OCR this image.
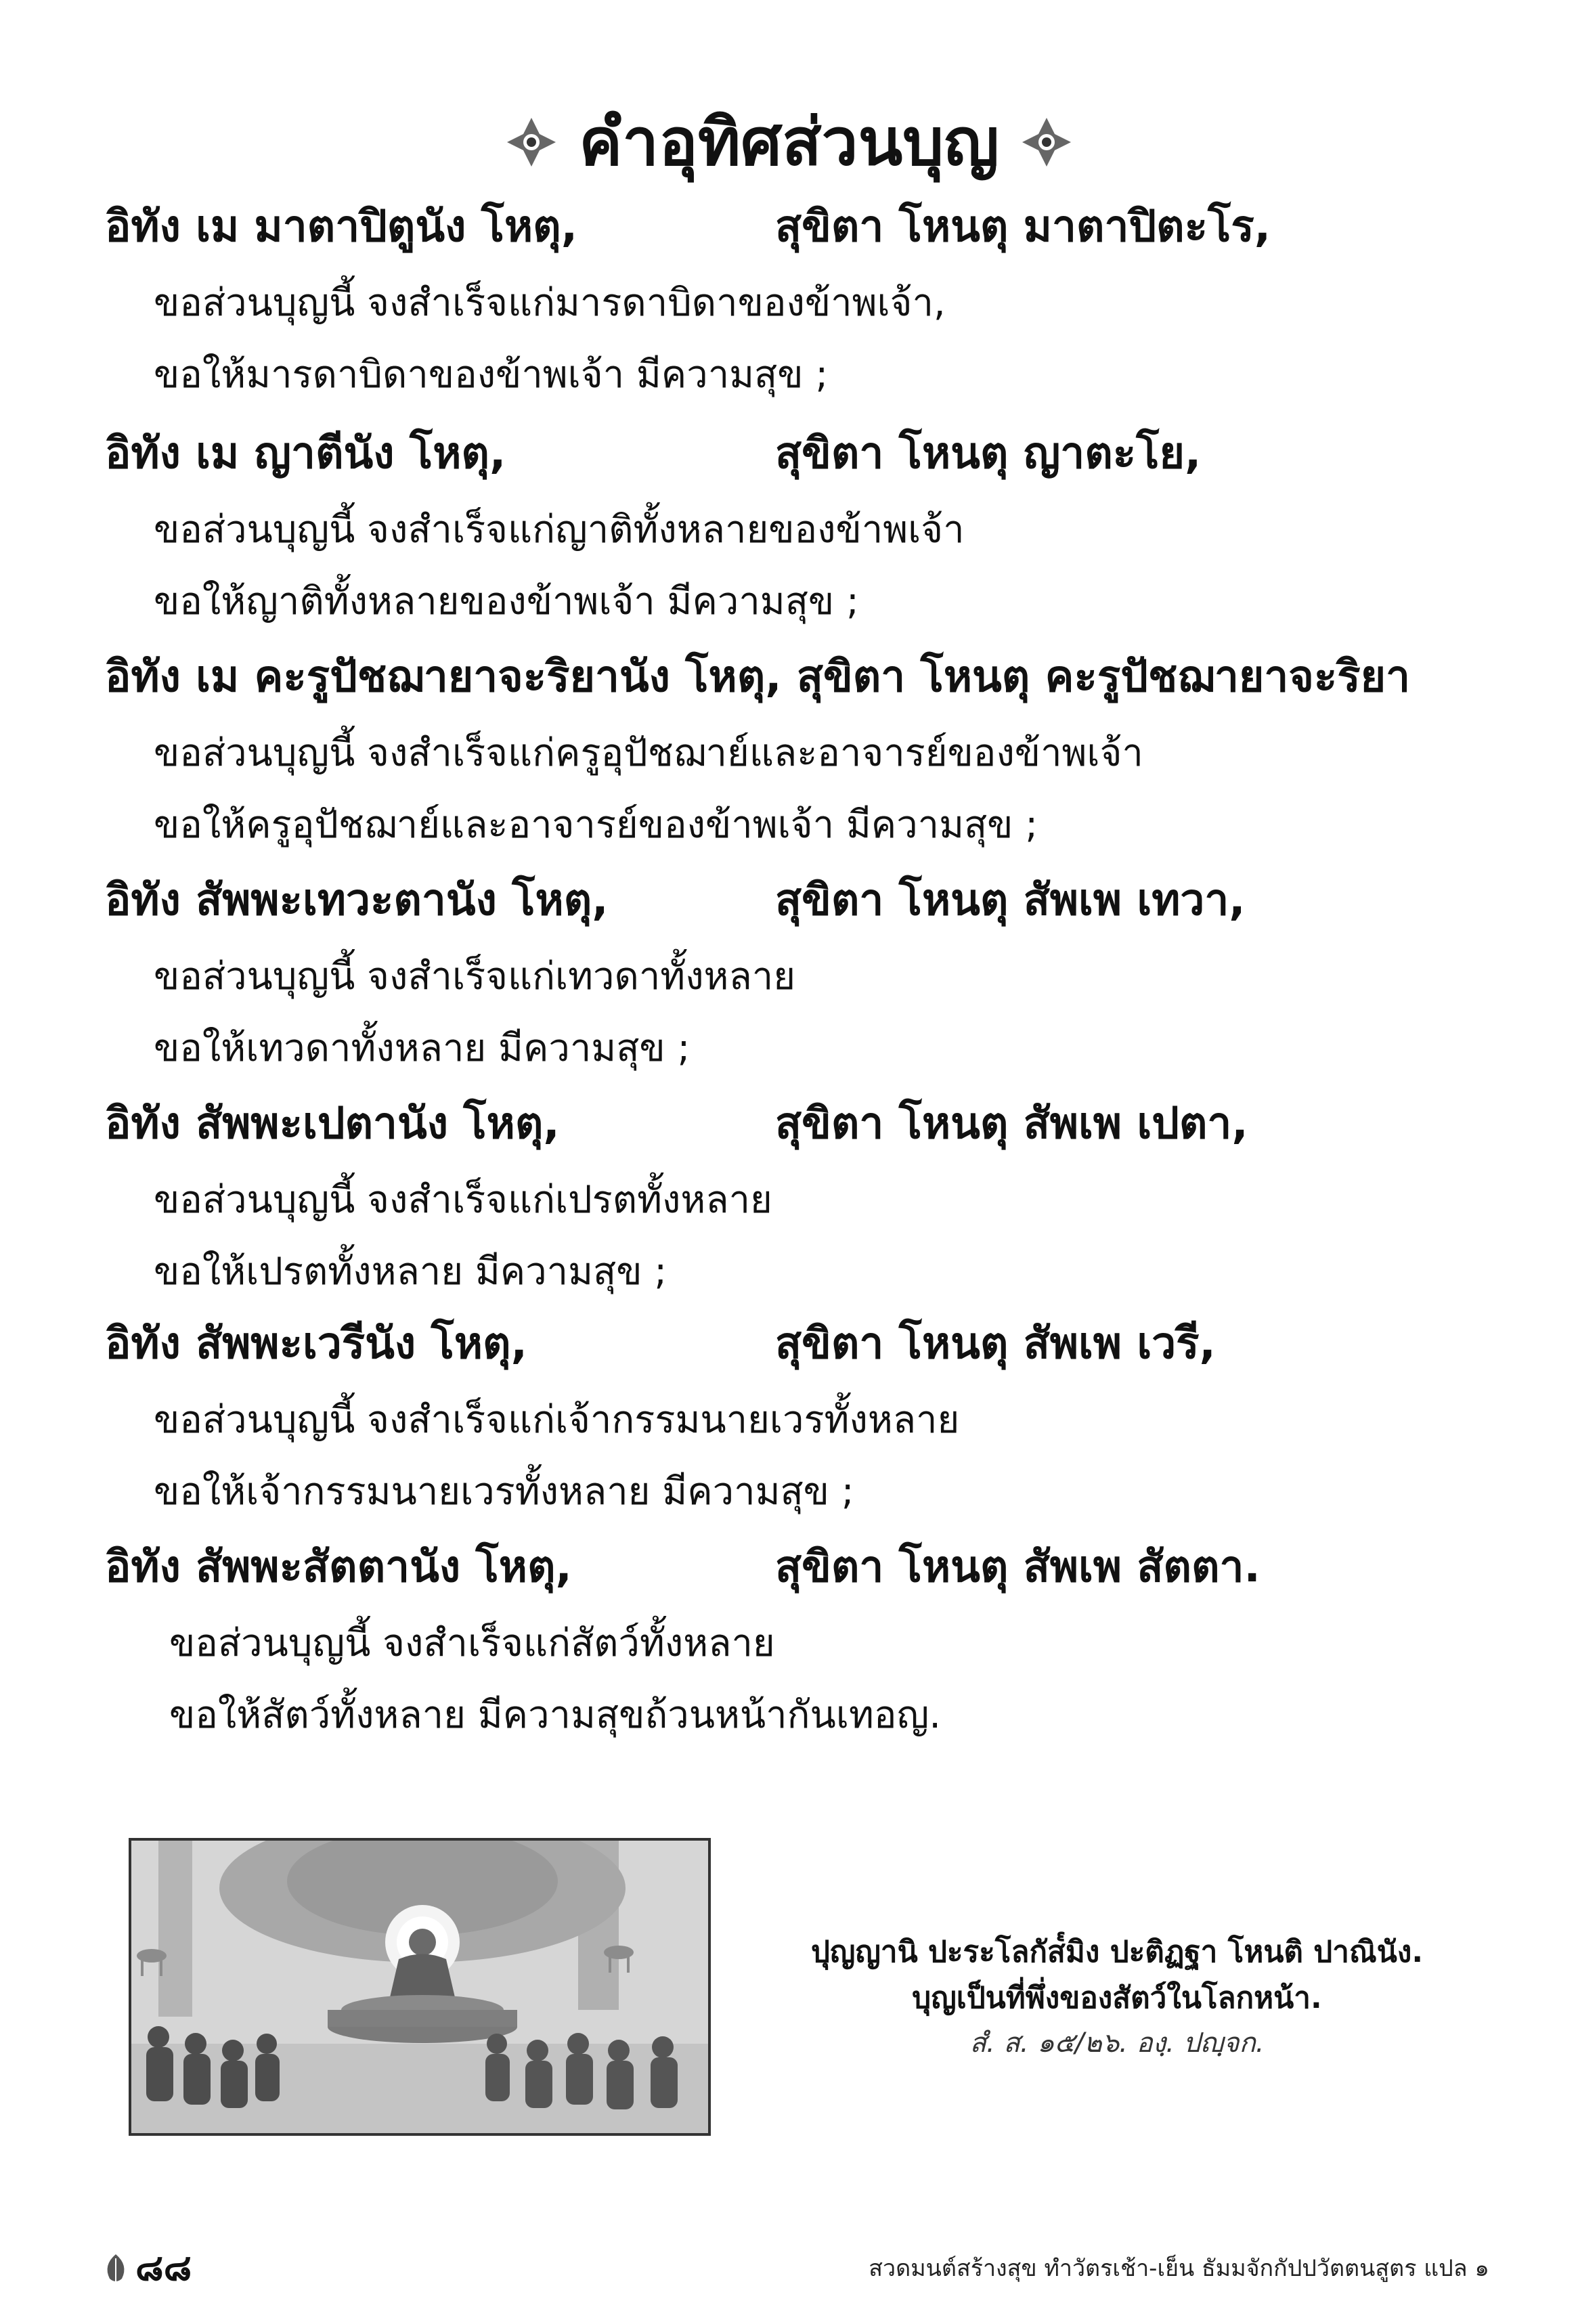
คำอุทิศส่วนบุญ
อิทัง เม มาตาปิตูนัง โหตุ,	สุขิตา โหนตุ มาตาปิตะโร,
ขอส่วนบุญนี้ จงสำเร็จแก่มารดาบิดาของข้าพเจ้า,
ขอให้มารดาบิดาของข้าพเจ้า มีความสุข ;
อิทัง เม ญาตีนัง โหตุ,	สุขิตา โหนตุ ญาตะโย,
ขอส่วนบุญนี้ จงสำเร็จแก่ญาติทั้งหลายของข้าพเจ้า
ขอให้ญาติทั้งหลายของข้าพเจ้า มีความสุข ;
อิทัง เม คะรูปัชฌายาจะริยานัง โหตุ, สุขิตา โหนตุ คะรูปัชฌายาจะริยา
ขอส่วนบุญนี้ จงสำเร็จแก่ครูอุปัชฌาย์และอาจารย์ของข้าพเจ้า
ขอให้ครูอุปัชฌาย์และอาจารย์ของข้าพเจ้า มีความสุข ;
อิทัง สัพพะเทวะตานัง โหตุ,	สุขิตา โหนตุ สัพเพ เทวา,
ขอส่วนบุญนี้ จงสำเร็จแก่เทวดาทั้งหลาย
ขอให้เทวดาทั้งหลาย มีความสุข ;
อิทัง สัพพะเปตานัง โหตุ,	สุขิตา โหนตุ สัพเพ เปตา,
ขอส่วนบุญนี้ จงสำเร็จแก่เปรตทั้งหลาย
ขอให้เปรตทั้งหลาย มีความสุข ;
อิทัง สัพพะเวรีนัง โหตุ,	สุขิตา โหนตุ สัพเพ เวรี,
ขอส่วนบุญนี้ จงสำเร็จแก่เจ้ากรรมนายเวรทั้งหลาย
ขอให้เจ้ากรรมนายเวรทั้งหลาย มีความสุข ;
อิทัง สัพพะสัตตานัง โหตุ,	สุขิตา โหนตุ สัพเพ สัตตา.
ขอส่วนบุญนี้ จงสำเร็จแก่สัตว์ทั้งหลาย
ขอให้สัตว์ทั้งหลาย มีความสุขถ้วนหน้ากันเทอญ.
ปุญญานิ ปะระโลกัส๎มิง ปะติฏฐา โหนติ ปาณินัง.
บุญเป็นที่พึ่งของสัตว์ในโลกหน้า.
สํ. ส. ๑๕/๒๖. องฺ. ปญฺจก.
๘๘	สวดมนต์สร้างสุข ทำวัตรเช้า-เย็น ธัมมจักกัปปวัตตนสูตร แปล ๑
